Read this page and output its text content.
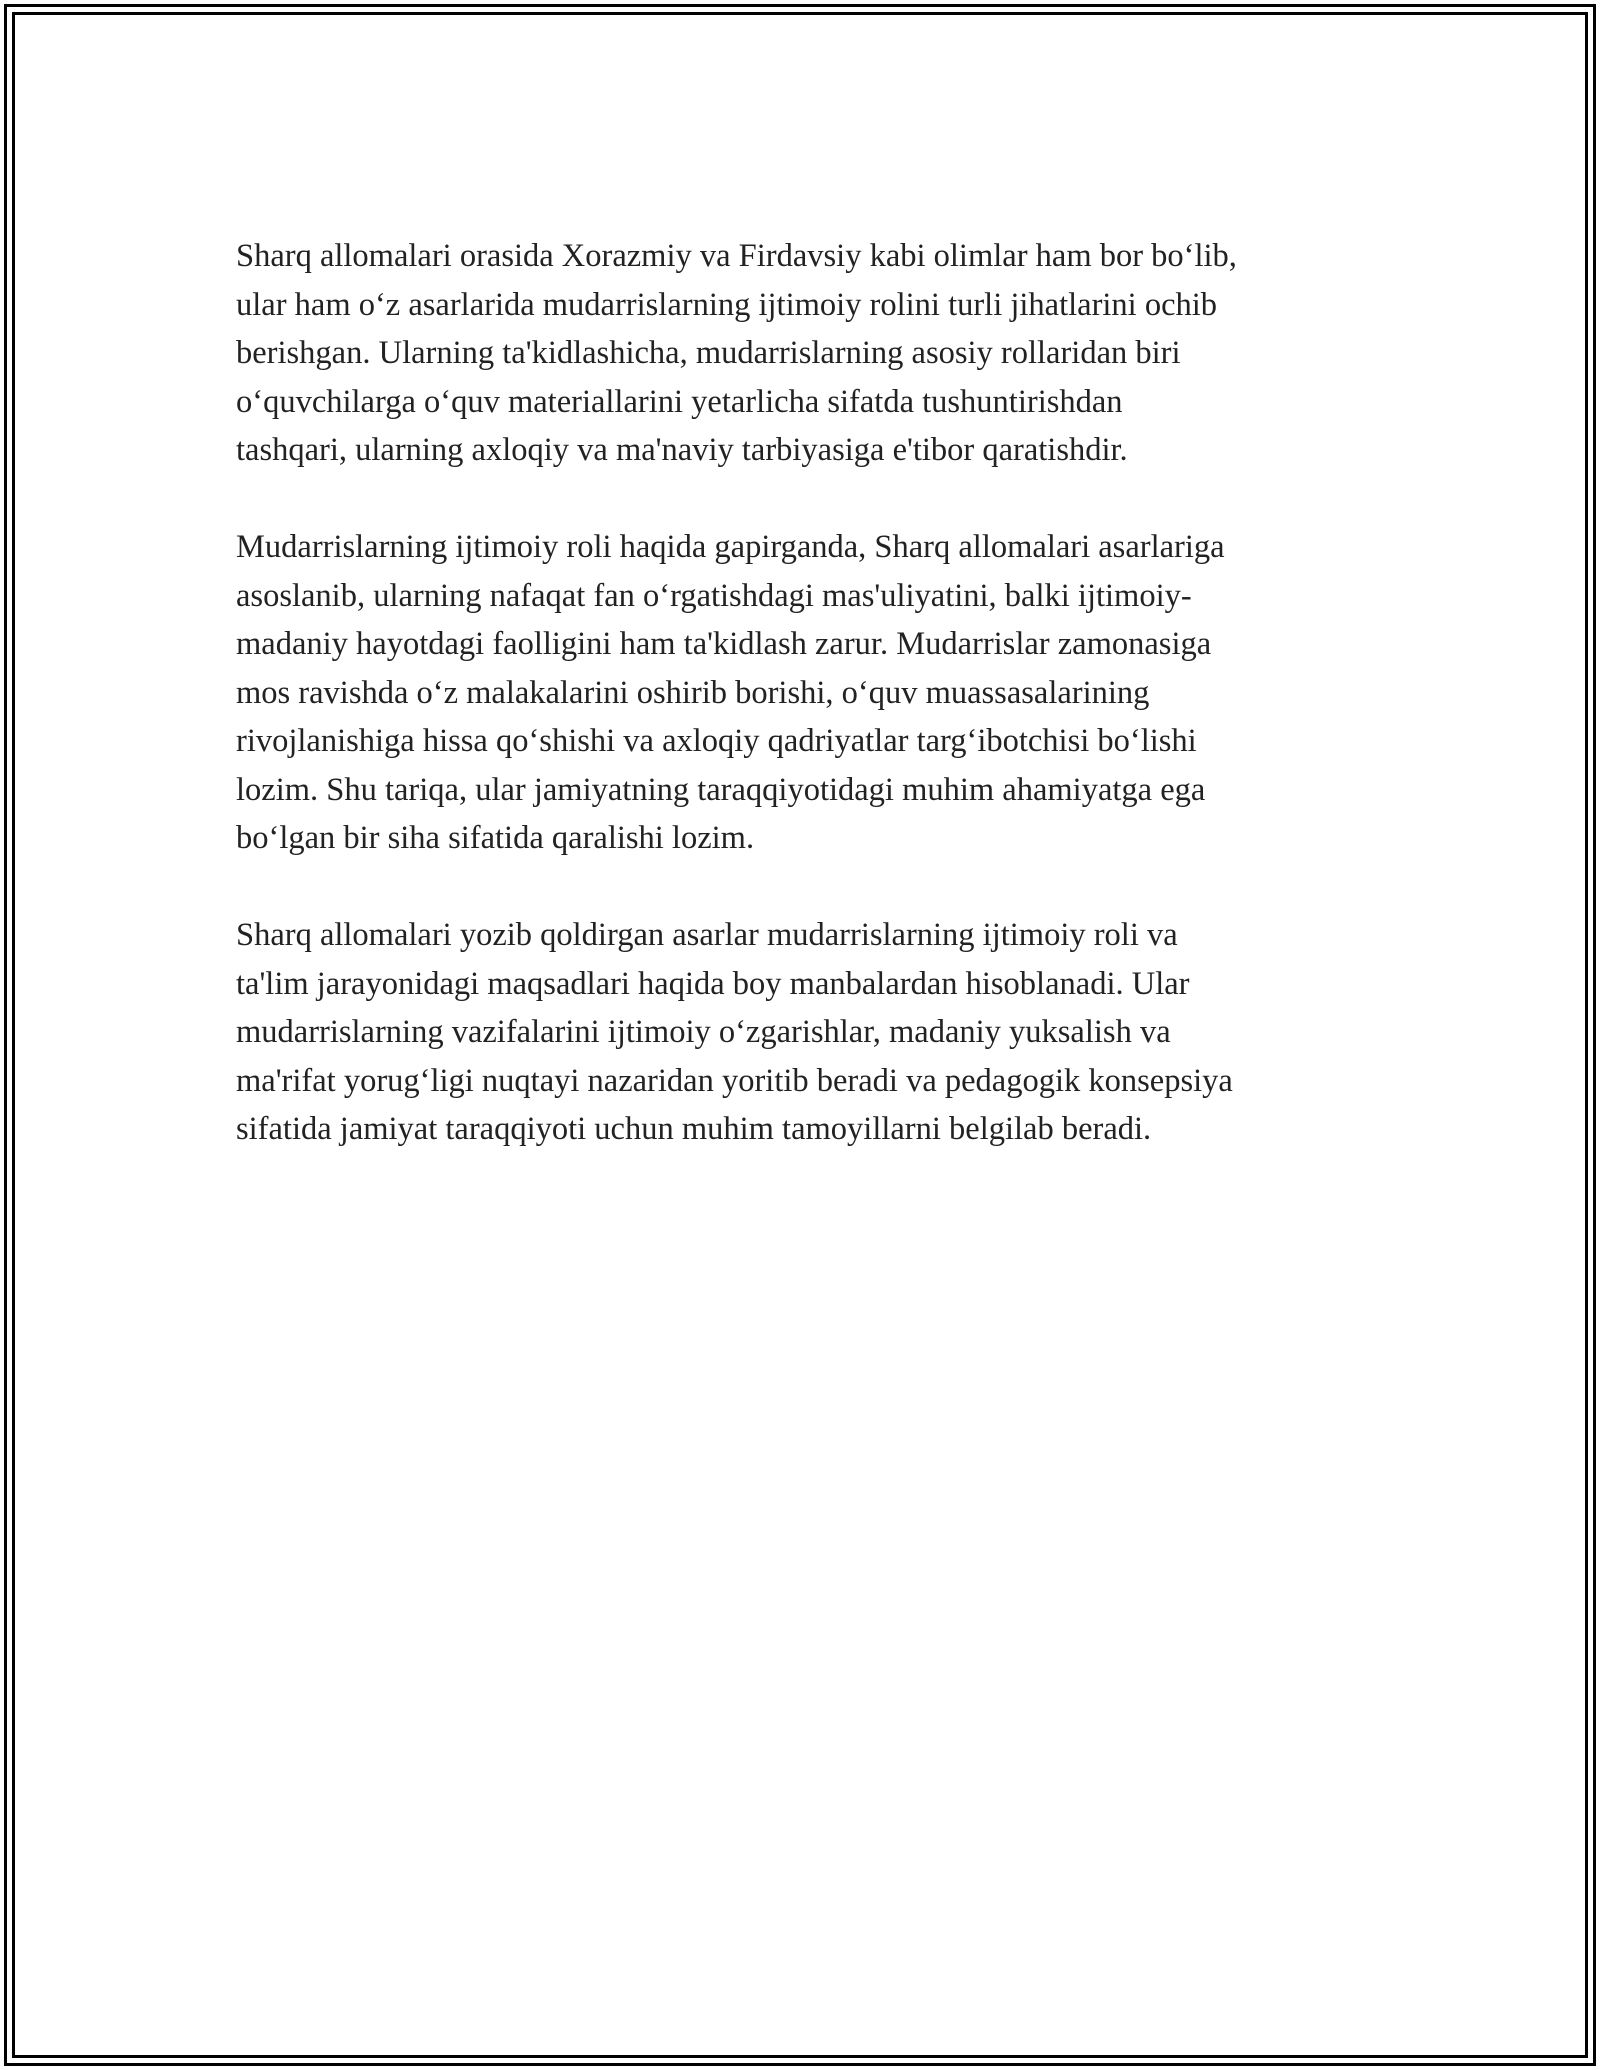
Sharq allomalari orasida Xorazmiy va Firdavsiy kabi olimlar ham bor bo‘lib,
ular ham o‘z asarlarida mudarrislarning ijtimoiy rolini turli jihatlarini ochib
berishgan. Ularning ta'kidlashicha, mudarrislarning asosiy rollaridan biri
o‘quvchilarga o‘quv materiallarini yetarlicha sifatda tushuntirishdan
tashqari, ularning axloqiy va ma'naviy tarbiyasiga e'tibor qaratishdir.

Mudarrislarning ijtimoiy roli haqida gapirganda, Sharq allomalari asarlariga
asoslanib, ularning nafaqat fan o‘rgatishdagi mas'uliyatini, balki ijtimoiy-
madaniy hayotdagi faolligini ham ta'kidlash zarur. Mudarrislar zamonasiga
mos ravishda o‘z malakalarini oshirib borishi, o‘quv muassasalarining
rivojlanishiga hissa qo‘shishi va axloqiy qadriyatlar targ‘ibotchisi bo‘lishi
lozim. Shu tariqa, ular jamiyatning taraqqiyotidagi muhim ahamiyatga ega
bo‘lgan bir siha sifatida qaralishi lozim.

Sharq allomalari yozib qoldirgan asarlar mudarrislarning ijtimoiy roli va
ta'lim jarayonidagi maqsadlari haqida boy manbalardan hisoblanadi. Ular
mudarrislarning vazifalarini ijtimoiy o‘zgarishlar, madaniy yuksalish va
ma'rifat yorug‘ligi nuqtayi nazaridan yoritib beradi va pedagogik konsepsiya
sifatida jamiyat taraqqiyoti uchun muhim tamoyillarni belgilab beradi.
